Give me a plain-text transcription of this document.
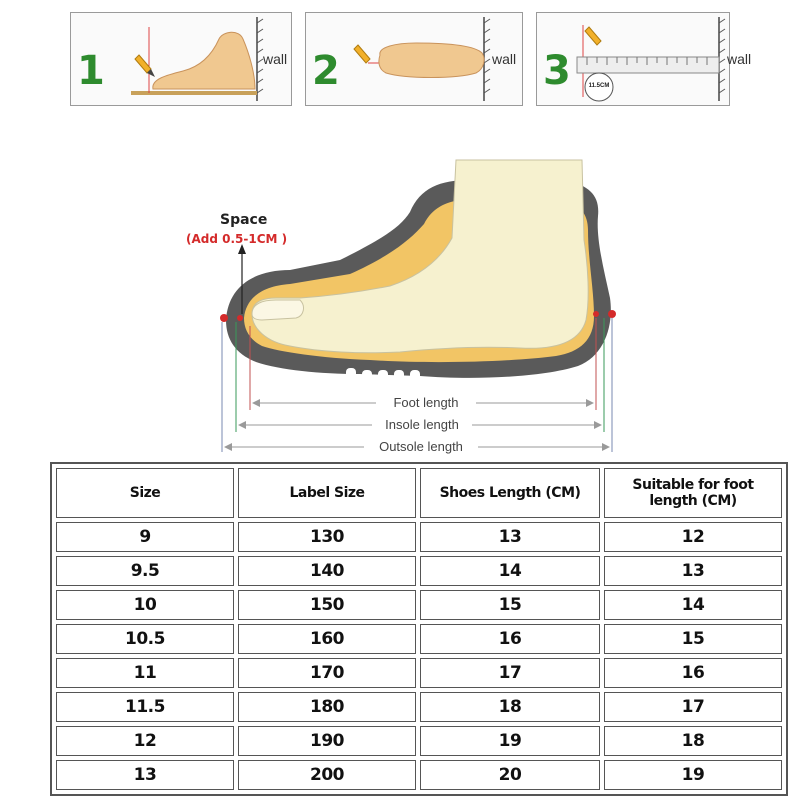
1	wall 2	wall 3	11.5CM
wall
Space
(Add 0.5-1CM )
Foot length
Insole length
Outsole length
Size	Label Size	Shoes Length (CM)	Suitable for foot length (CM)
9	130	13	12
9.5	140	14	13
10	150	15	14
10.5	160	16	15
11	170	17	16
11.5	180	18	17
12	190	19	18
13	200	20	19
